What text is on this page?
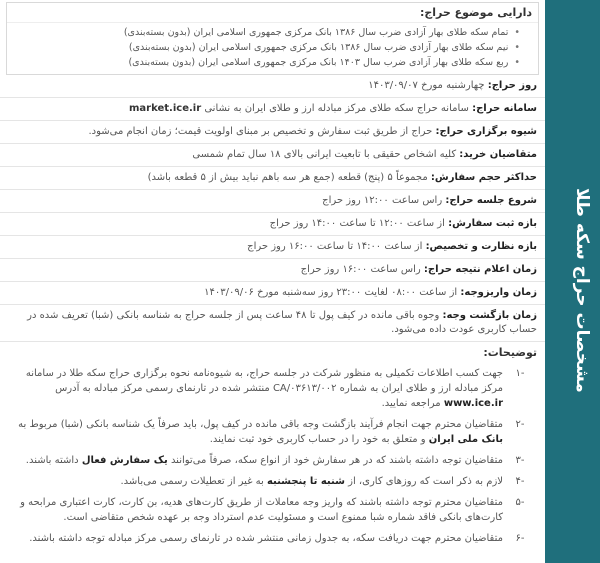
مشخصات حراج سکه طلا
دارایی موضوع حراج:
• تمام سکه طلای بهار آزادی ضرب سال ۱۳۸۶ بانک مرکزی جمهوری اسلامی ایران (بدون بسته‌بندی)
• نیم سکه طلای بهار آزادی ضرب سال ۱۳۸۶ بانک مرکزی جمهوری اسلامی ایران (بدون بسته‌بندی)
• ربع سکه طلای بهار آزادی ضرب سال ۱۴۰۳ بانک مرکزی جمهوری اسلامی ایران (بدون بسته‌بندی)
روز حراج: چهارشنبه مورخ ۱۴۰۳/۰۹/۰۷
سامانه حراج: سامانه حراج سکه طلای مرکز مبادله ارز و طلای ایران به نشانی market.ice.ir
شیوه برگزاری حراج: حراج از طریق ثبت سفارش و تخصیص بر مبنای اولویت قیمت؛ زمان انجام می‌شود.
متقاضیان خرید: کلیه اشخاص حقیقی با تابعیت ایرانی بالای ۱۸ سال تمام شمسی
حداکثر حجم سفارش: مجموعاً ۵ (پنج) قطعه (جمع هر سه باهم نباید بیش از ۵ قطعه باشد)
شروع جلسه حراج: راس ساعت ۱۲:۰۰ روز حراج
بازه ثبت سفارش: از ساعت ۱۲:۰۰ تا ساعت ۱۴:۰۰ روز حراج
بازه نظارت و تخصیص: از ساعت ۱۴:۰۰ تا ساعت ۱۶:۰۰ روز حراج
زمان اعلام نتیجه حراج: راس ساعت ۱۶:۰۰ روز حراج
زمان واریزوجه: از ساعت ۰۸:۰۰ لغایت ۲۳:۰۰ روز سه‌شنبه مورخ ۱۴۰۳/۰۹/۰۶
زمان بازگشت وجه: وجوه باقی مانده در کیف پول تا ۴۸ ساعت پس از جلسه حراج به شناسه بانکی (شبا) تعریف شده در حساب کاربری عودت داده می‌شود.
توضیحات:
-۱
جهت کسب اطلاعات تکمیلی به منظور شرکت در جلسه حراج، به شیوه‌نامه نحوه برگزاری حراج سکه طلا در سامانه مرکز مبادله ارز و طلای ایران به شماره CA/۰۳۶۱۳/۰۰۲ منتشر شده در تارنمای رسمی مرکز مبادله به آدرس www.ice.ir مراجعه نمایید.
-۲
متقاضیان محترم جهت انجام فرآیند بازگشت وجه باقی مانده در کیف پول، باید صرفاً یک شناسه بانکی (شبا) مربوط به بانک ملی ایران و متعلق به خود را در حساب کاربری خود ثبت نمایند.
-۳
متقاضیان توجه داشته باشند که در هر سفارش خود از انواع سکه، صرفاً می‌توانند یک سفارش فعال داشته باشند.
-۴
لازم به ذکر است که روزهای کاری، از شنبه تا پنجشنبه به غیر از تعطیلات رسمی می‌باشد.
-۵
متقاضیان محترم توجه داشته باشند که واریز وجه معاملات از طریق کارت‌های هدیه، بن کارت، کارت اعتباری مرابحه و کارت‌های بانکی فاقد شماره شبا ممنوع است و مسئولیت عدم استرداد وجه بر عهده شخص متقاضی است.
-۶
متقاضیان محترم جهت دریافت سکه، به جدول زمانی منتشر شده در تارنمای رسمی مرکز مبادله توجه داشته باشند.
